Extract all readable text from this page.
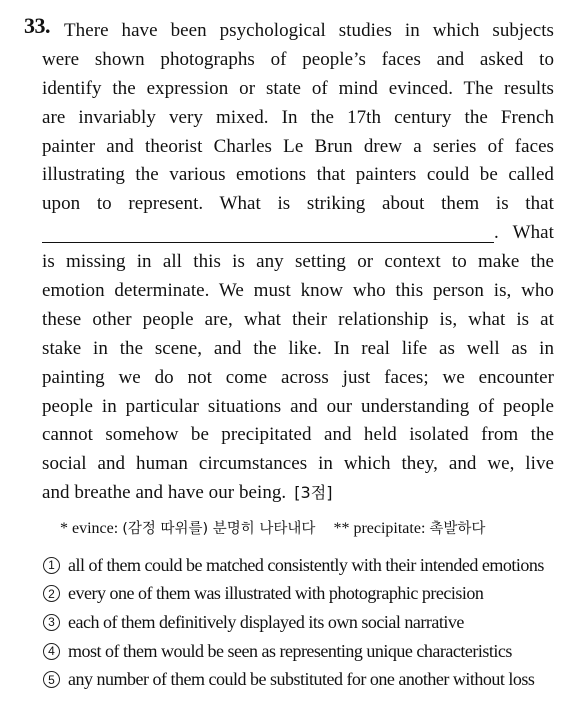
33. There have been psychological studies in which subjects
were shown photographs of people’s faces and asked to
identify the expression or state of mind evinced. The results
are invariably very mixed. In the 17th century the French
painter and theorist Charles Le Brun drew a series of faces
illustrating the various emotions that painters could be called
upon to represent. What is striking about them is that
. What
is missing in all this is any setting or context to make the
emotion determinate. We must know who this person is, who
these other people are, what their relationship is, what is at
stake in the scene, and the like. In real life as well as in
painting we do not come across just faces; we encounter
people in particular situations and our understanding of people
cannot somehow be precipitated and held isolated from the
social and human circumstances in which they, and we, live
and breathe and have our being. [3점]
* evince: (감정 따위를) 분명히 나타내다 ** precipitate: 촉발하다
1 all of them could be matched consistently with their intended emotions
2 every one of them was illustrated with photographic precision
3 each of them definitively displayed its own social narrative
4 most of them would be seen as representing unique characteristics
5 any number of them could be substituted for one another without loss
